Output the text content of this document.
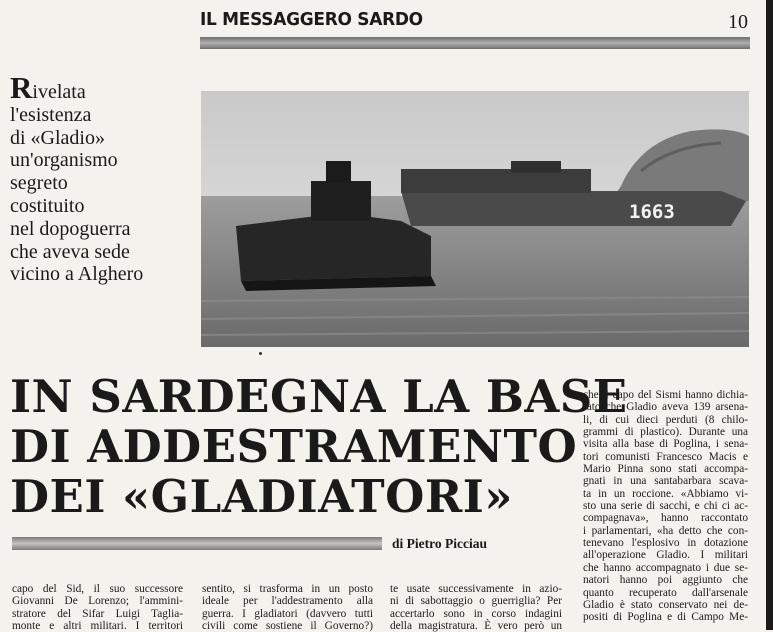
IL MESSAGGERO SARDO	10
Rivelata
l'esistenza
di «Gladio»
un'organismo
segreto
costituito
nel dopoguerra
che aveva sede
vicino a Alghero
1663
IN SARDEGNA LA BASE
DI ADDESTRAMENTO
DEI «GLADIATORI»
di Pietro Picciau
che il capo del Sismi hanno dichia-
rato che Gladio aveva 139 arsena-
li, di cui dieci perduti (8 chilo-
grammi di plastico). Durante una
visita alla base di Poglina, i sena-
tori comunisti Francesco Macis e
Mario Pinna sono stati accompa-
gnati in una santabarbara scava-
ta in un roccione. «Abbiamo vi-
sto una serie di sacchi, e chi ci ac-
compagnava», hanno raccontato
i parlamentari, «ha detto che con-
tenevano l'esplosivo in dotazione
all'operazione Gladio. I militari
che hanno accompagnato i due se-
natori hanno poi aggiunto che
quanto recuperato dall'arsenale
Gladio è stato conservato nei de-
positi di Poglina e di Campo Me-
capo del Sid, il suo successore
Giovanni De Lorenzo; l'ammini-
stratore del Sifar Luigi Taglia-
monte e altri militari. I territori
sentito, si trasforma in un posto
ideale per l'addestramento alla
guerra. I gladiatori (davvero tutti
civili come sostiene il Governo?)
te usate successivamente in azio-
ni di sabottaggio o guerriglia? Per
accertarlo sono in corso indagini
della magistratura. È vero però un
